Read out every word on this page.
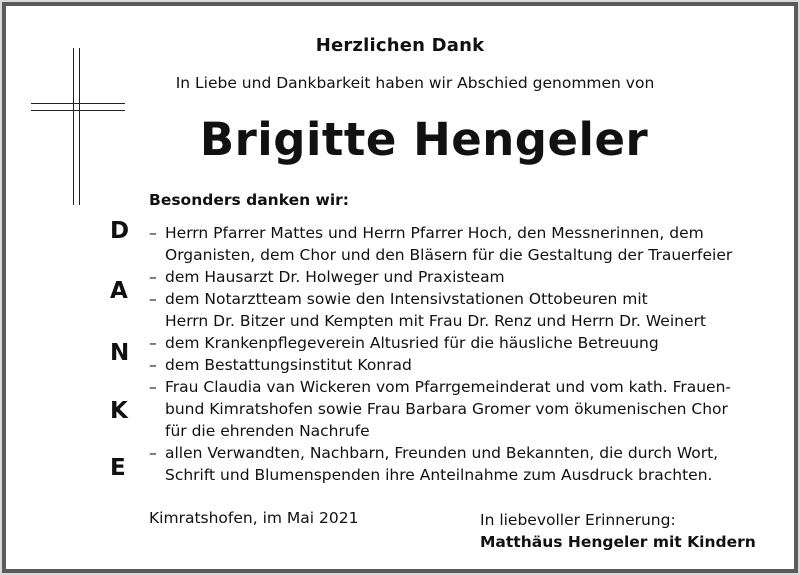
Herzlichen Dank
In Liebe und Dankbarkeit haben wir Abschied genommen von
Brigitte Hengeler
Besonders danken wir:
D
A
N
K
E
– Herrn Pfarrer Mattes und Herrn Pfarrer Hoch, den Messnerinnen, dem
Organisten, dem Chor und den Bläsern für die Gestaltung der Trauerfeier
– dem Hausarzt Dr. Holweger und Praxisteam
– dem Notarztteam sowie den Intensivstationen Ottobeuren mit
Herrn Dr. Bitzer und Kempten mit Frau Dr. Renz und Herrn Dr. Weinert
– dem Krankenpflegeverein Altusried für die häusliche Betreuung
– dem Bestattungsinstitut Konrad
– Frau Claudia van Wickeren vom Pfarrgemeinderat und vom kath. Frauen-
bund Kimratshofen sowie Frau Barbara Gromer vom ökumenischen Chor
für die ehrenden Nachrufe
– allen Verwandten, Nachbarn, Freunden und Bekannten, die durch Wort,
Schrift und Blumenspenden ihre Anteilnahme zum Ausdruck brachten.
Kimratshofen, im Mai 2021	In liebevoller Erinnerung:
Matthäus Hengeler mit Kindern
